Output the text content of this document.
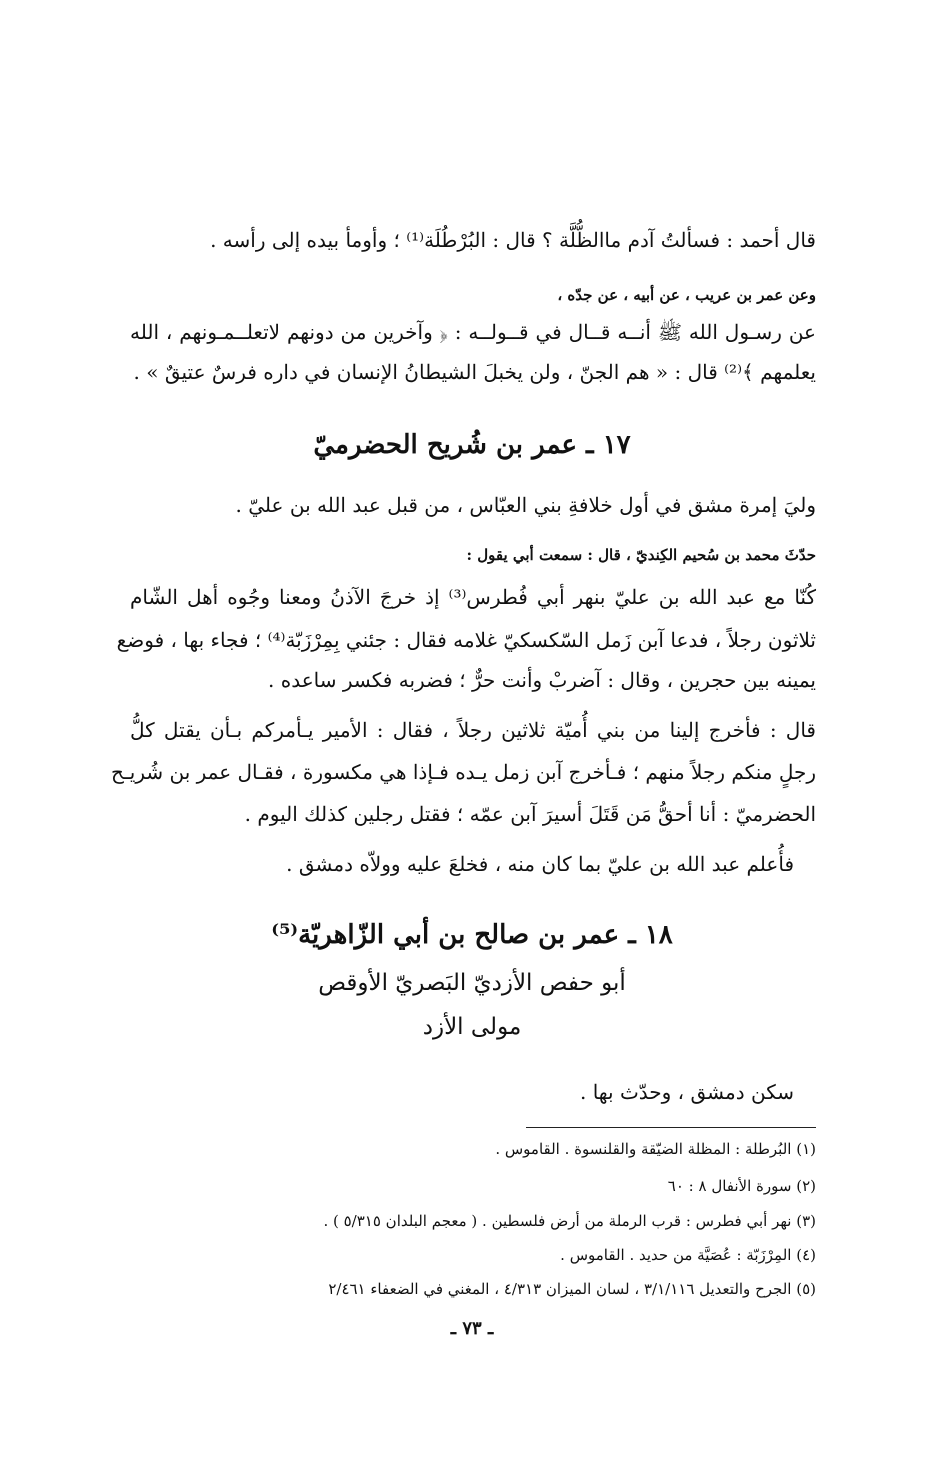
قال أحمد : فسألتُ آدم ماالظُّلَّة ؟ قال : البُرْطُلَة⁽¹⁾ ؛ وأومأ بيده إلى رأسه .
وعن عمر بن عريب ، عن أبيه ، عن جدّه ،
عن رسـول الله ﷺ أنــه قــال في قــولــه : ﴿ وآخرين من دونهم لاتعلــمـونهم ، الله
يعلمهم ﴾⁽²⁾ قال : « هم الجنّ ، ولن يخبلَ الشيطانُ الإنسان في داره فرسٌ عتيقٌ » .
١٧ ـ عمر بن شُريح الحضرميّ
وليَ إمرة مشق في أول خلافةِ بني العبّاس ، من قبل عبد الله بن عليّ .
حدّثَ محمد بن سُحيم الكِنديّ ، قال : سمعت أبي يقول :
كُنّا مع عبد الله بن عليّ بنهر أبي فُطرس⁽³⁾ إذ خرجَ الآذنُ ومعنا وجُوه أهل الشّام
ثلاثون رجلاً ، فدعا آبن زَمل السّكسكيّ غلامه فقال : جئني بِمِرْزَبّة⁽⁴⁾ ؛ فجاء بها ، فوضع
يمينه بين حجرين ، وقال : آضربْ وأنت حرٌّ ؛ فضربه فكسر ساعده .
قال : فأخرج إلينا من بني أُميّة ثلاثين رجلاً ، فقال : الأمير يـأمركم بـأن يقتل كلُّ
رجلٍ منكم رجلاً منهم ؛ فـأخرج آبن زمل يـده فـإذا هي مكسورة ، فقـال عمر بن شُريـح
الحضرميّ : أنا أحقُّ مَن قَتَلَ أسيرَ آبن عمّه ؛ فقتل رجلين كذلك اليوم .
فأُعلم عبد الله بن عليّ بما كان منه ، فخلعَ عليه وولاّه دمشق .
١٨ ـ عمر بن صالح بن أبي الزّاهريّة⁽⁵⁾
أبو حفص الأزديّ البَصريّ الأوقص
مولى الأزد
سكن دمشق ، وحدّث بها .
(١) البُرطلة : المظلة الضيّقة والقلنسوة . القاموس .
(٢) سورة الأنفال ٨ : ٦٠
(٣) نهر أبي فطرس : قرب الرملة من أرض فلسطين . ( معجم البلدان ٥/٣١٥ ) .
(٤) المِرْزَبّة : عُصَيَّة من حديد . القاموس .
(٥) الجرح والتعديل ٣/١/١١٦ ، لسان الميزان ٤/٣١٣ ، المغني في الضعفاء ٢/٤٦١
ـ ٧٣ ـ
